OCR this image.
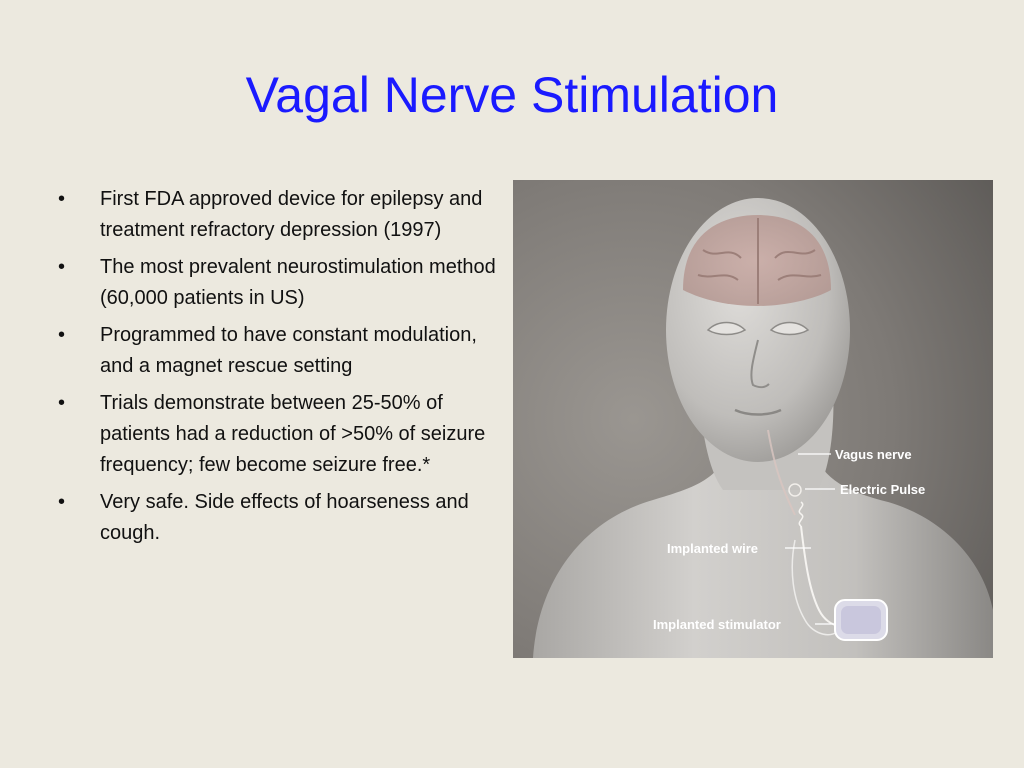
Vagal Nerve Stimulation
• First FDA approved device for epilepsy and treatment refractory depression (1997)
• The most prevalent neurostimulation method (60,000 patients in US)
• Programmed to have constant modulation, and a magnet rescue setting
• Trials demonstrate between 25-50% of patients had a reduction of >50% of seizure frequency; few become seizure free.*
• Very safe. Side effects of hoarseness and cough.
Vagus nerve
Electric Pulse
Implanted wire
Implanted stimulator
